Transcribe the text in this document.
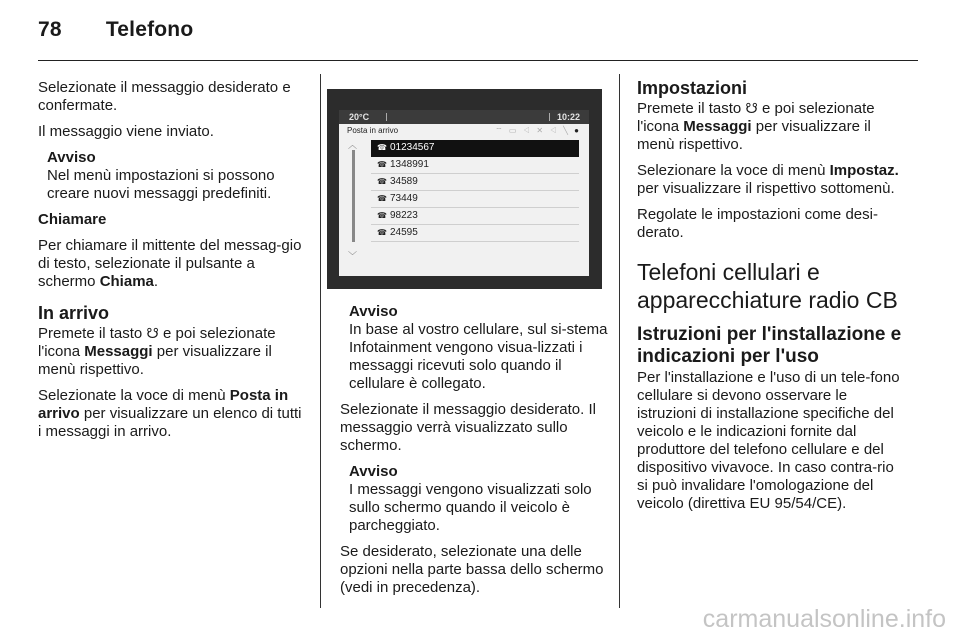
78 Telefono

Selezionate il messaggio desiderato e confermate.

Il messaggio viene inviato.

Avviso
Nel menù impostazioni si possono creare nuovi messaggi predefiniti.

Chiamare

Per chiamare il mittente del messag-gio di testo, selezionate il pulsante a schermo Chiama.

In arrivo

Premete il tasto ☋ e poi selezionate l'icona Messaggi per visualizzare il menù rispettivo.

Selezionate la voce di menù Posta in arrivo per visualizzare un elenco di tutti i messaggi in arrivo.

20°C	10:22
Posta in arrivo	⌔ ▭ ◁ ✕ ◁ ╲ ●
︿
﹀
☎ 01234567
☎ 1348991
☎ 34589
☎ 73449
☎ 98223
☎ 24595
Avviso
In base al vostro cellulare, sul si-stema Infotainment vengono visua-lizzati i messaggi ricevuti solo quando il cellulare è collegato.

Selezionate il messaggio desiderato. Il messaggio verrà visualizzato sullo schermo.

Avviso
I messaggi vengono visualizzati solo sullo schermo quando il veicolo è parcheggiato.

Se desiderato, selezionate una delle opzioni nella parte bassa dello schermo (vedi in precedenza).

Impostazioni

Premete il tasto ☋ e poi selezionate l'icona Messaggi per visualizzare il menù rispettivo.

Selezionare la voce di menù Impostaz. per visualizzare il rispettivo sottomenù.

Regolate le impostazioni come desi-derato.

Telefoni cellulari e apparecchiature radio CB
Istruzioni per l'installazione e indicazioni per l'uso

Per l'installazione e l'uso di un tele-fono cellulare si devono osservare le istruzioni di installazione specifiche del veicolo e le indicazioni fornite dal produttore del telefono cellulare e del dispositivo vivavoce. In caso contra-rio si può invalidare l'omologazione del veicolo (direttiva EU 95/54/CE).

carmanualsonline.info
